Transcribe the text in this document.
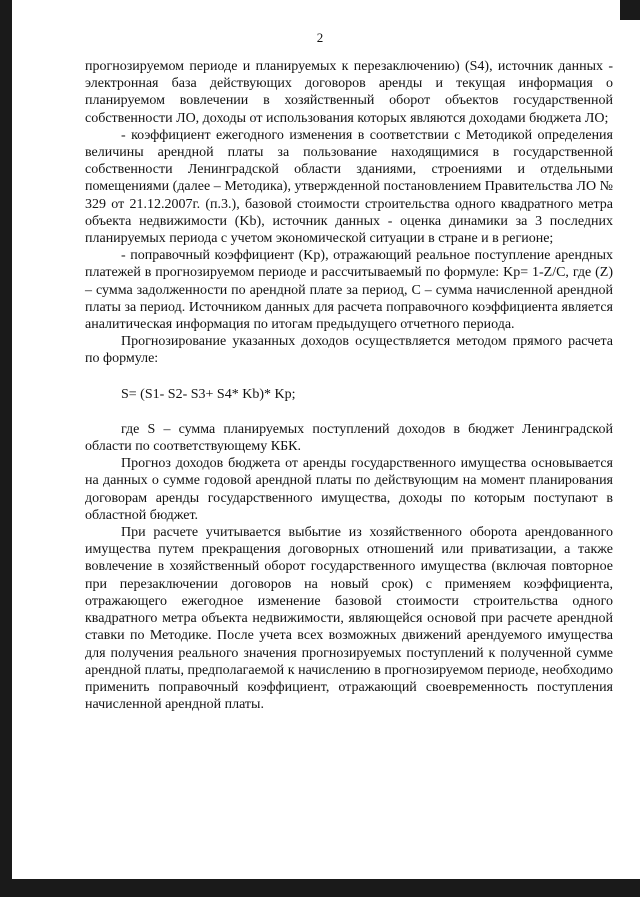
2

прогнозируемом периоде и планируемых к перезаключению) (S4), источник данных - электронная база действующих договоров аренды и текущая информация о планируемом вовлечении в хозяйственный оборот объектов государственной собственности ЛО, доходы от использования которых являются доходами бюджета ЛО;

- коэффициент ежегодного изменения в соответствии с Методикой определения величины арендной платы за пользование находящимися в государственной собственности Ленинградской области зданиями, строениями и отдельными помещениями (далее – Методика), утвержденной постановлением Правительства ЛО № 329 от 21.12.2007г. (п.3.), базовой стоимости строительства одного квадратного метра объекта недвижимости (Kb), источник данных - оценка динамики за 3 последних планируемых периода с учетом экономической ситуации в стране и в регионе;

- поправочный коэффициент (Kp), отражающий реальное поступление арендных платежей в прогнозируемом периоде и рассчитываемый по формуле: Kp= 1-Z/C, где (Z) – сумма задолженности по арендной плате за период, С – сумма начисленной арендной платы за период. Источником данных для расчета поправочного коэффициента является аналитическая информация по итогам предыдущего отчетного периода.

Прогнозирование указанных доходов осуществляется методом прямого расчета по формуле:

S= (S1- S2- S3+ S4* Kb)* Kp;

где S – сумма планируемых поступлений доходов в бюджет Ленинградской области по соответствующему КБК.

Прогноз доходов бюджета от аренды государственного имущества основывается на данных о сумме годовой арендной платы по действующим на момент планирования договорам аренды государственного имущества, доходы по которым поступают в областной бюджет.

При расчете учитывается выбытие из хозяйственного оборота арендованного имущества путем прекращения договорных отношений или приватизации, а также вовлечение в хозяйственный оборот государственного имущества (включая повторное при перезаключении договоров на новый срок) с применяем коэффициента, отражающего ежегодное изменение базовой стоимости строительства одного квадратного метра объекта недвижимости, являющейся основой при расчете арендной ставки по Методике. После учета всех возможных движений арендуемого имущества для получения реального значения прогнозируемых поступлений к полученной сумме арендной платы, предполагаемой к начислению в прогнозируемом периоде, необходимо применить поправочный коэффициент, отражающий своевременность поступления начисленной арендной платы.
